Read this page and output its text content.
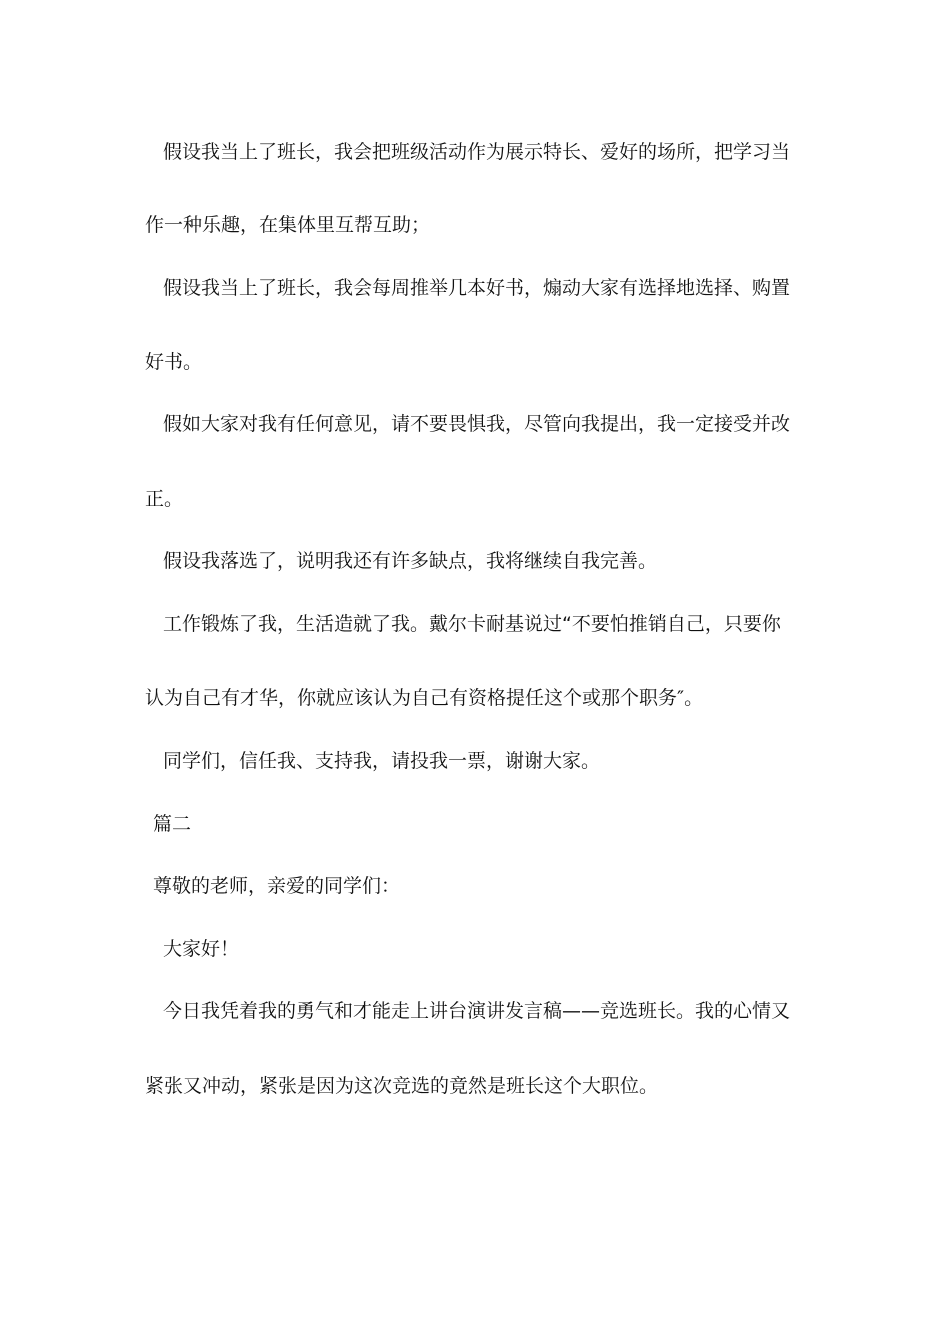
假设我当上了班长，我会把班级活动作为展示特长、爱好的场所，把学习当
作一种乐趣，在集体里互帮互助；
假设我当上了班长，我会每周推举几本好书，煽动大家有选择地选择、购置
好书。
假如大家对我有任何意见，请不要畏惧我，尽管向我提出，我一定接受并改
正。
假设我落选了，说明我还有许多缺点，我将继续自我完善。
工作锻炼了我，生活造就了我。戴尔卡耐基说过“不要怕推销自己，只要你
认为自己有才华，你就应该认为自己有资格提任这个或那个职务″。
同学们，信任我、支持我，请投我一票，谢谢大家。
篇二
尊敬的老师，亲爱的同学们：
大家好！
今日我凭着我的勇气和才能走上讲台演讲发言稿——竞选班长。我的心情又
紧张又冲动，紧张是因为这次竞选的竟然是班长这个大职位。
